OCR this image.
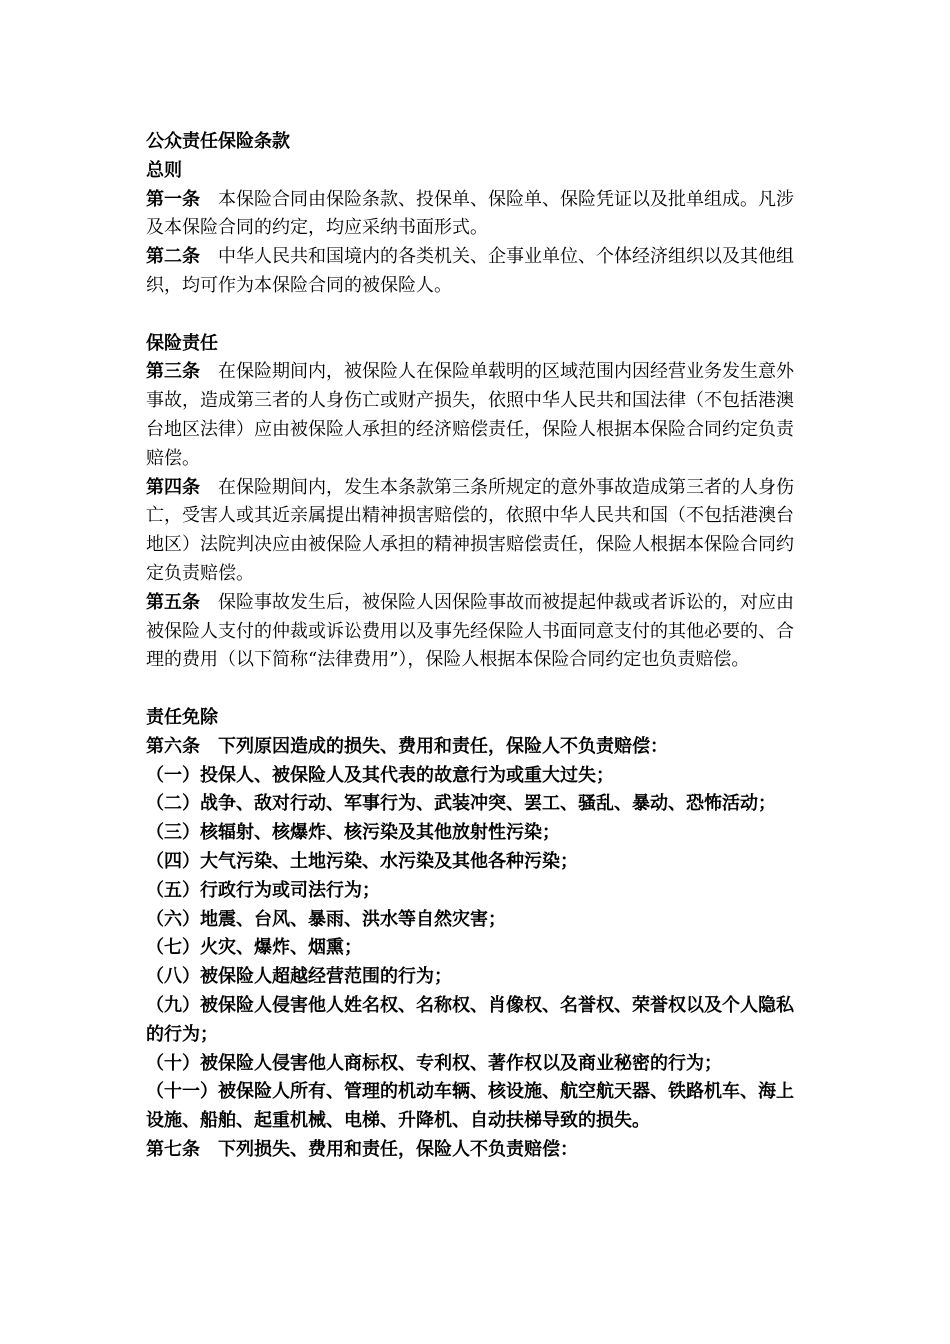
公众责任保险条款

总则

第一条 本保险合同由保险条款、投保单、保险单、保险凭证以及批单组成。凡涉及本保险合同的约定，均应采纳书面形式。

第二条 中华人民共和国境内的各类机关、企事业单位、个体经济组织以及其他组织，均可作为本保险合同的被保险人。

保险责任

第三条 在保险期间内，被保险人在保险单载明的区域范围内因经营业务发生意外事故，造成第三者的人身伤亡或财产损失，依照中华人民共和国法律（不包括港澳台地区法律）应由被保险人承担的经济赔偿责任，保险人根据本保险合同约定负责赔偿。

第四条 在保险期间内，发生本条款第三条所规定的意外事故造成第三者的人身伤亡，受害人或其近亲属提出精神损害赔偿的，依照中华人民共和国（不包括港澳台地区）法院判决应由被保险人承担的精神损害赔偿责任，保险人根据本保险合同约定负责赔偿。

第五条 保险事故发生后，被保险人因保险事故而被提起仲裁或者诉讼的，对应由被保险人支付的仲裁或诉讼费用以及事先经保险人书面同意支付的其他必要的、合理的费用（以下简称“法律费用”），保险人根据本保险合同约定也负责赔偿。

责任免除

第六条 下列原因造成的损失、费用和责任，保险人不负责赔偿：

（一）投保人、被保险人及其代表的故意行为或重大过失；

（二）战争、敌对行动、军事行为、武装冲突、罢工、骚乱、暴动、恐怖活动；

（三）核辐射、核爆炸、核污染及其他放射性污染；

（四）大气污染、土地污染、水污染及其他各种污染；

（五）行政行为或司法行为；

（六）地震、台风、暴雨、洪水等自然灾害；

（七）火灾、爆炸、烟熏；

（八）被保险人超越经营范围的行为；

（九）被保险人侵害他人姓名权、名称权、肖像权、名誉权、荣誉权以及个人隐私的行为；

（十）被保险人侵害他人商标权、专利权、著作权以及商业秘密的行为；

（十一）被保险人所有、管理的机动车辆、核设施、航空航天器、铁路机车、海上设施、船舶、起重机械、电梯、升降机、自动扶梯导致的损失。

第七条 下列损失、费用和责任，保险人不负责赔偿：
